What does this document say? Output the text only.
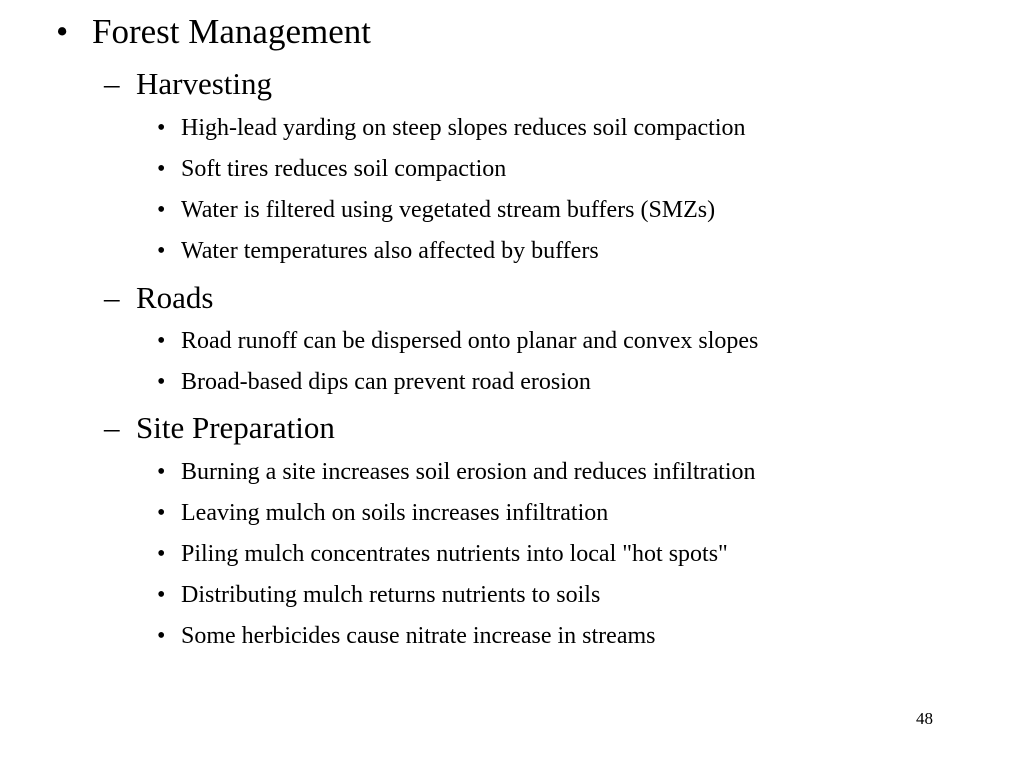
• Forest Management
– Harvesting
• High-lead yarding on steep slopes reduces soil compaction
• Soft tires reduces soil compaction
• Water is filtered using vegetated stream buffers (SMZs)
• Water temperatures also affected by buffers
– Roads
• Road runoff can be dispersed onto planar and convex slopes
• Broad-based dips can prevent road erosion
– Site Preparation
• Burning a site increases soil erosion and reduces infiltration
• Leaving mulch on soils increases infiltration
• Piling mulch concentrates nutrients into local "hot spots"
• Distributing mulch returns nutrients to soils
• Some herbicides cause nitrate increase in streams
48
